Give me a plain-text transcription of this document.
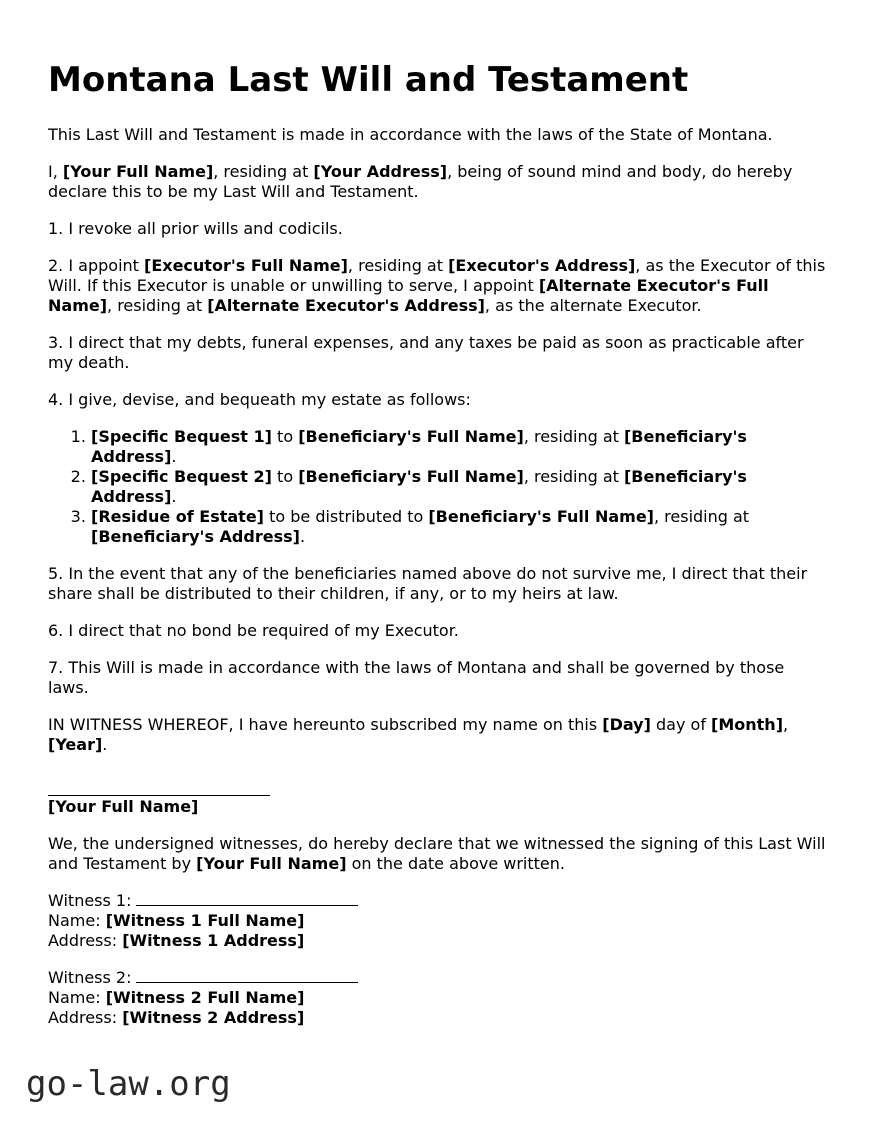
Montana Last Will and Testament

This Last Will and Testament is made in accordance with the laws of the State of Montana.

I, [Your Full Name], residing at [Your Address], being of sound mind and body, do hereby declare this to be my Last Will and Testament.

1. I revoke all prior wills and codicils.

2. I appoint [Executor's Full Name], residing at [Executor's Address], as the Executor of this Will. If this Executor is unable or unwilling to serve, I appoint [Alternate Executor's Full Name], residing at [Alternate Executor's Address], as the alternate Executor.

3. I direct that my debts, funeral expenses, and any taxes be paid as soon as practicable after my death.

4. I give, devise, and bequeath my estate as follows:

1. [Specific Bequest 1] to [Beneficiary's Full Name], residing at [Beneficiary's Address].
2. [Specific Bequest 2] to [Beneficiary's Full Name], residing at [Beneficiary's Address].
3. [Residue of Estate] to be distributed to [Beneficiary's Full Name], residing at [Beneficiary's Address].

5. In the event that any of the beneficiaries named above do not survive me, I direct that their share shall be distributed to their children, if any, or to my heirs at law.

6. I direct that no bond be required of my Executor.

7. This Will is made in accordance with the laws of Montana and shall be governed by those laws.

IN WITNESS WHEREOF, I have hereunto subscribed my name on this [Day] day of [Month], [Year].

[Your Full Name]

We, the undersigned witnesses, do hereby declare that we witnessed the signing of this Last Will and Testament by [Your Full Name] on the date above written.

Witness 1:
Name: [Witness 1 Full Name]
Address: [Witness 1 Address]
Witness 2:
Name: [Witness 2 Full Name]
Address: [Witness 2 Address]
go-law.org
